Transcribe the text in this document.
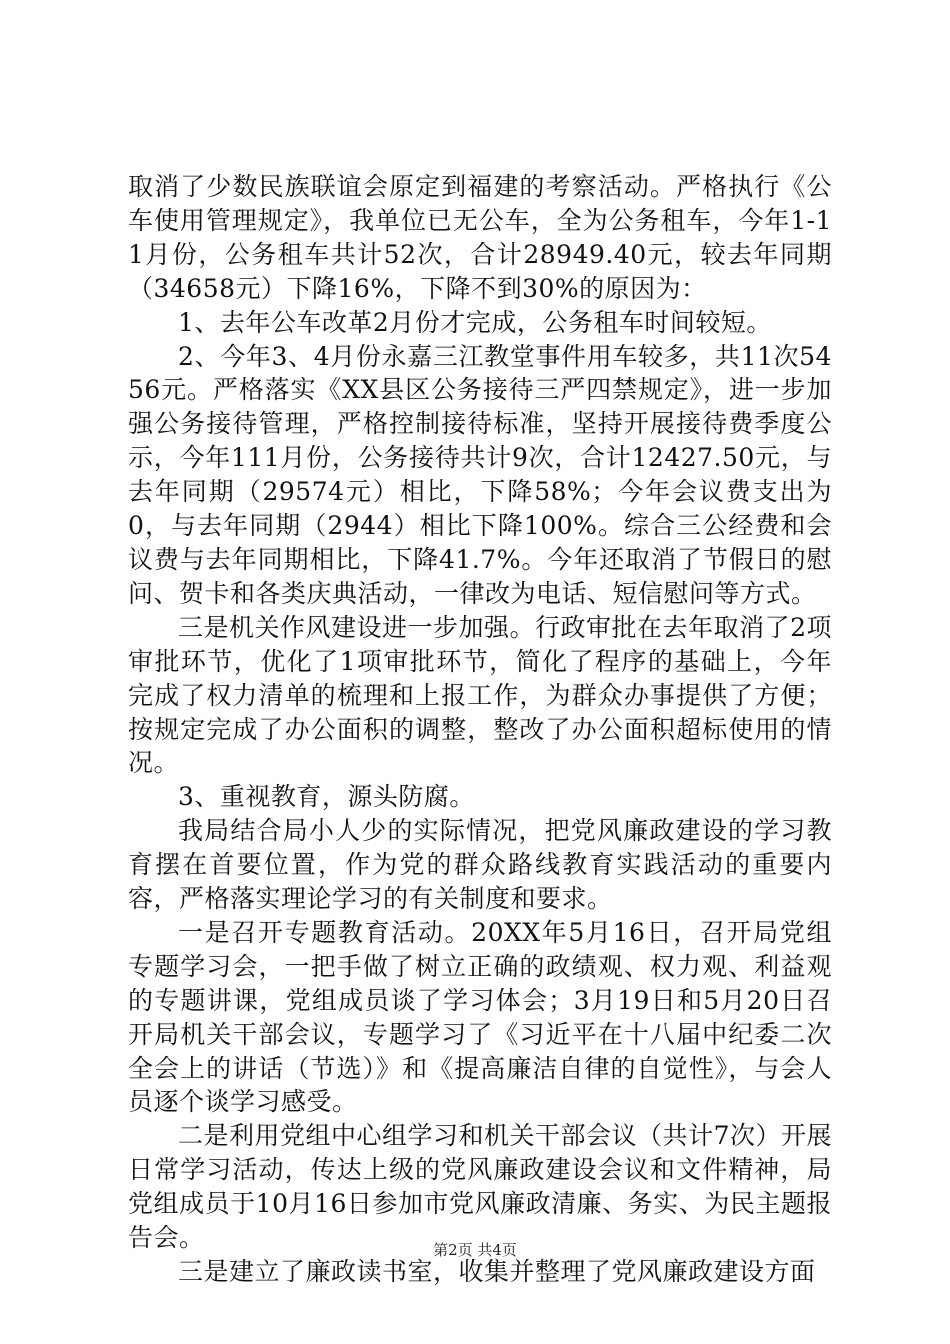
取消了少数民族联谊会原定到福建的考察活动。严格执行《公车使用管理规定》，我单位已无公车，全为公务租车，今年1-11月份，公务租车共计52次，合计28949.40元，较去年同期（34658元）下降16%，下降不到30%的原因为：

1、去年公车改革2月份才完成，公务租车时间较短。

2、今年3、4月份永嘉三江教堂事件用车较多，共11次5456元。严格落实《XX县区公务接待三严四禁规定》，进一步加强公务接待管理，严格控制接待标准，坚持开展接待费季度公示，今年111月份，公务接待共计9次，合计12427.50元，与去年同期（29574元）相比，下降58%；今年会议费支出为0，与去年同期（2944）相比下降100%。综合三公经费和会议费与去年同期相比，下降41.7%。今年还取消了节假日的慰问、贺卡和各类庆典活动，一律改为电话、短信慰问等方式。

三是机关作风建设进一步加强。行政审批在去年取消了2项审批环节，优化了1项审批环节，简化了程序的基础上，今年完成了权力清单的梳理和上报工作，为群众办事提供了方便；按规定完成了办公面积的调整，整改了办公面积超标使用的情况。

3、重视教育，源头防腐。

我局结合局小人少的实际情况，把党风廉政建设的学习教育摆在首要位置，作为党的群众路线教育实践活动的重要内容，严格落实理论学习的有关制度和要求。

一是召开专题教育活动。20XX年5月16日，召开局党组专题学习会，一把手做了树立正确的政绩观、权力观、利益观的专题讲课，党组成员谈了学习体会；3月19日和5月20日召开局机关干部会议，专题学习了《习近平在十八届中纪委二次全会上的讲话（节选）》和《提高廉洁自律的自觉性》，与会人员逐个谈学习感受。

二是利用党组中心组学习和机关干部会议（共计7次）开展日常学习活动，传达上级的党风廉政建设会议和文件精神，局党组成员于10月16日参加市党风廉政清廉、务实、为民主题报告会。

三是建立了廉政读书室，收集并整理了党风廉政建设方面

第2页 共4页
